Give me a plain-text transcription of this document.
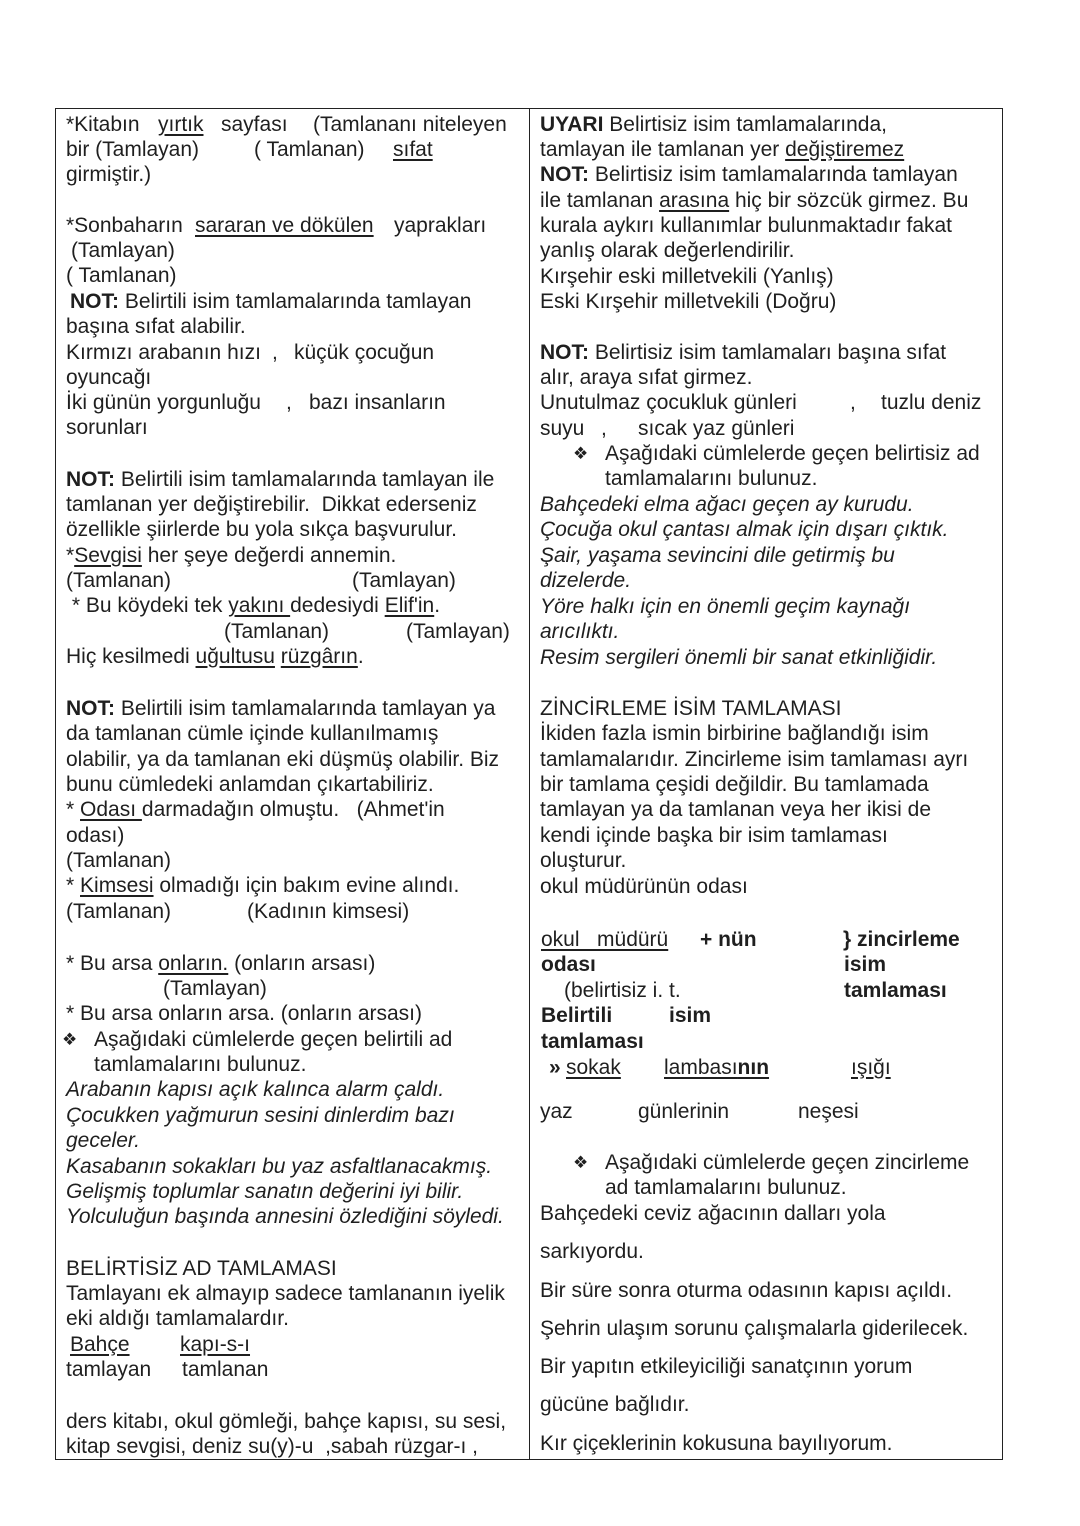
*Kitabın yırtık sayfası (Tamlananı niteleyen
bir (Tamlayan)	( Tamlanan) sıfat
girmiştir.)
*Sonbaharın sararan ve dökülen yaprakları
(Tamlayan)
( Tamlanan)
NOT: Belirtili isim tamlamalarında tamlayan
başına sıfat alabilir.
Kırmızı arabanın hızı , küçük çocuğun
oyuncağı
İki günün yorgunluğu , bazı insanların
sorunları
NOT: Belirtili isim tamlamalarında tamlayan ile
tamlanan yer değiştirebilir.  Dikkat ederseniz
özellikle şiirlerde bu yola sıkça başvurulur.
*Sevgisi her şeye değerdi annemin.
(Tamlanan)	(Tamlayan)
* Bu köydeki tek yakını dedesiydi Elif'in.
(Tamlanan)	(Tamlayan)
Hiç kesilmedi uğultusu rüzgârın.
NOT: Belirtili isim tamlamalarında tamlayan ya
da tamlanan cümle içinde kullanılmamış
olabilir, ya da tamlanan eki düşmüş olabilir. Biz
bunu cümledeki anlamdan çıkartabiliriz.
* Odası darmadağın olmuştu.   (Ahmet'in
odası)
(Tamlanan)
* Kimsesi olmadığı için bakım evine alındı.
(Tamlanan)	(Kadının kimsesi)
* Bu arsa onların. (onların arsası)
(Tamlayan)
* Bu arsa onların arsa. (onların arsası)
❖ Aşağıdaki cümlelerde geçen belirtili ad
tamlamalarını bulunuz.
Arabanın kapısı açık kalınca alarm çaldı.
Çocukken yağmurun sesini dinlerdim bazı
geceler.
Kasabanın sokakları bu yaz asfaltlanacakmış.
Gelişmiş toplumlar sanatın değerini iyi bilir.
Yolculuğun başında annesini özlediğini söyledi.
BELİRTİSİZ AD TAMLAMASI
Tamlayanı ek almayıp sadece tamlananın iyelik
eki aldığı tamlamalardır.
Bahçe kapı-s-ı
tamlayan tamlanan
ders kitabı, okul gömleği, bahçe kapısı, su sesi,
kitap sevgisi, deniz su(y)-u  ,sabah rüzgar-ı ,
UYARI Belirtisiz isim tamlamalarında,
tamlayan ile tamlanan yer değiştiremez
NOT: Belirtisiz isim tamlamalarında tamlayan
ile tamlanan arasına hiç bir sözcük girmez. Bu
kurala aykırı kullanımlar bulunmaktadır fakat
yanlış olarak değerlendirilir.
Kırşehir eski milletvekili (Yanlış)
Eski Kırşehir milletvekili (Doğru)
NOT: Belirtisiz isim tamlamaları başına sıfat
alır, araya sıfat girmez.
Unutulmaz çocukluk günleri	, tuzlu deniz
suyu , sıcak yaz günleri
❖ Aşağıdaki cümlelerde geçen belirtisiz ad
tamlamalarını bulunuz.
Bahçedeki elma ağacı geçen ay kurudu.
Çocuğa okul çantası almak için dışarı çıktık.
Şair, yaşama sevincini dile getirmiş bu
dizelerde.
Yöre halkı için en önemli geçim kaynağı
arıcılıktı.
Resim sergileri önemli bir sanat etkinliğidir.
ZİNCİRLEME İSİM TAMLAMASI
İkiden fazla ismin birbirine bağlandığı isim
tamlamalarıdır. Zincirleme isim tamlaması ayrı
bir tamlama çeşidi değildir. Bu tamlamada
tamlayan ya da tamlanan veya her ikisi de
kendi içinde başka bir isim tamlaması
oluşturur.
okul müdürünün odası
okul   müdürü + nün	} zincirleme
odası	isim
(belirtisiz i. t.	tamlaması
Belirtili	isim
tamlaması
» sokak lambasının	ışığı
yaz	günlerinin	neşesi
❖ Aşağıdaki cümlelerde geçen zincirleme
ad tamlamalarını bulunuz.
Bahçedeki ceviz ağacının dalları yola
sarkıyordu.
Bir süre sonra oturma odasının kapısı açıldı.
Şehrin ulaşım sorunu çalışmalarla giderilecek.
Bir yapıtın etkileyiciliği sanatçının yorum
gücüne bağlıdır.
Kır çiçeklerinin kokusuna bayılıyorum.
